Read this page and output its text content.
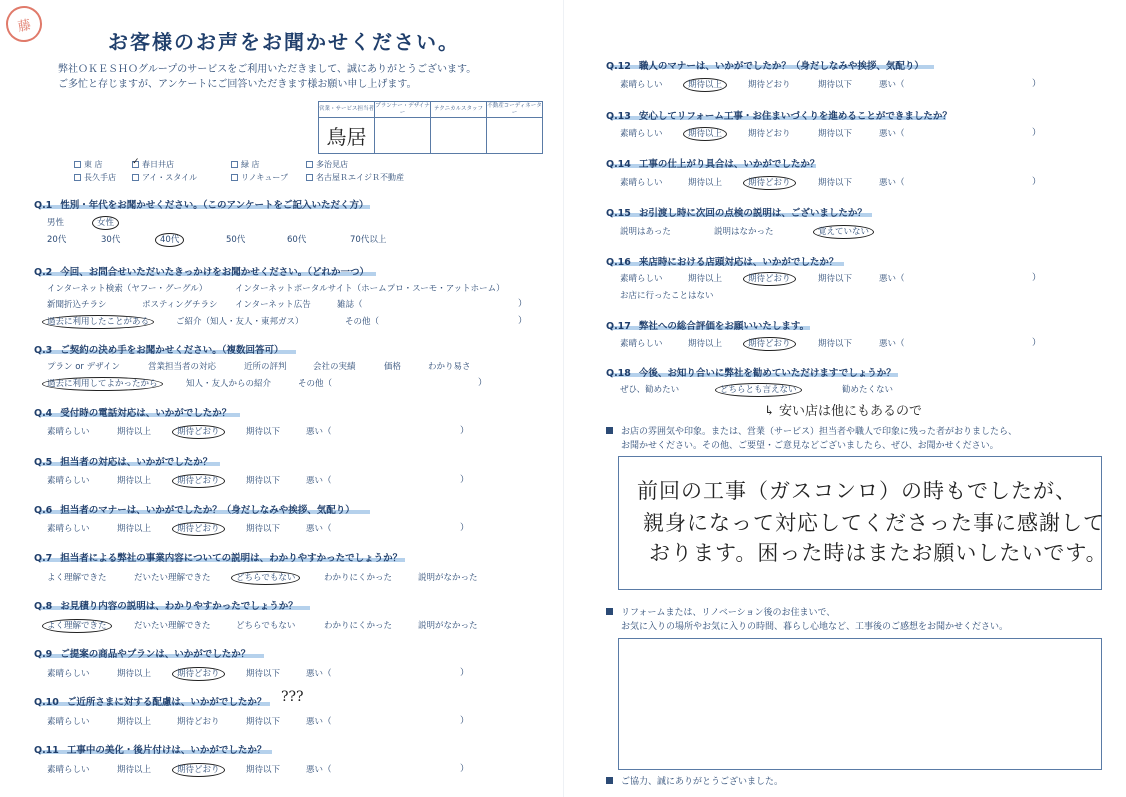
藤
お客様のお声をお聞かせください。
弊社ＯＫＥＳＨＯグループのサービスをご利用いただきまして、誠にありがとうございます。
ご多忙と存じますが、アンケートにご回答いただきます様お願い申し上げます。
営業・サービス担当者	プランナー・デザイナー	テクニカルスタッフ	不動産コーディネーター
鳥居			
東 店 ✓	春日井店	緑 店	多治見店
長久手店	アイ・スタイル	リノキューブ	名古屋ＲエイジＲ不動産
Q.1 性別・年代をお聞かせください。（このアンケートをご記入いただく方）
男性	女性
20代	30代	40代	50代	60代	70代以上
Q.2 今回、お問合せいただいたきっかけをお聞かせください。（どれか一つ）
インターネット検索（ヤフー・グーグル）	インターネットポータルサイト（ホームプロ・スーモ・アットホーム）
新聞折込チラシ	ポスティングチラシ インターネット広告	雑誌（	）
過去に利用したことがある	ご紹介（知人・友人・東邦ガス）	その他（	）
Q.3 ご契約の決め手をお聞かせください。（複数回答可）
プラン or デザイン	営業担当者の対応	近所の評判	会社の実績	価格	わかり易さ
過去に利用してよかったから	知人・友人からの紹介	その他（	）
Q.4 受付時の電話対応は、いかがでしたか？
素晴らしい	期待以上	期待どおり	期待以下	悪い（	）
Q.5 担当者の対応は、いかがでしたか？
素晴らしい	期待以上	期待どおり	期待以下	悪い（	）
Q.6 担当者のマナーは、いかがでしたか？（身だしなみや挨拶、気配り）
素晴らしい	期待以上	期待どおり	期待以下	悪い（	）
Q.7 担当者による弊社の事業内容についての説明は、わかりやすかったでしょうか？
よく理解できた	だいたい理解できた	どちらでもない	わかりにくかった	説明がなかった
Q.8 お見積り内容の説明は、わかりやすかったでしょうか？
よく理解できた	だいたい理解できた	どちらでもない	わかりにくかった	説明がなかった
Q.9 ご提案の商品やプランは、いかがでしたか？
素晴らしい	期待以上	期待どおり	期待以下	悪い（	）
Q.10 ご近所さまに対する配慮は、いかがでしたか？ ???
素晴らしい	期待以上	期待どおり	期待以下	悪い（	）
Q.11 工事中の美化・後片付けは、いかがでしたか？
素晴らしい	期待以上	期待どおり	期待以下	悪い（	）
Q.12 職人のマナーは、いかがでしたか？（身だしなみや挨拶、気配り）
素晴らしい	期待以上	期待どおり	期待以下	悪い（	）
Q.13 安心してリフォーム工事・お住まいづくりを進めることができましたか？
素晴らしい	期待以上	期待どおり	期待以下	悪い（	）
Q.14 工事の仕上がり具合は、いかがでしたか？
素晴らしい	期待以上	期待どおり	期待以下	悪い（	）
Q.15 お引渡し時に次回の点検の説明は、ございましたか？
説明はあった	説明はなかった	覚えていない
Q.16 来店時における店頭対応は、いかがでしたか？
素晴らしい	期待以上	期待どおり	期待以下	悪い（	）
お店に行ったことはない
Q.17 弊社への総合評価をお願いいたします。
素晴らしい	期待以上	期待どおり	期待以下	悪い（	）
Q.18 今後、お知り合いに弊社を勧めていただけますでしょうか？
ぜひ、勧めたい	どちらとも言えない	勧めたくない
↳ 安い店は他にもあるので
お店の雰囲気や印象。または、営業（サービス）担当者や職人で印象に残った者がおりましたら、
お聞かせください。その他、ご要望・ご意見などございましたら、ぜひ、お聞かせください。
前回の工事（ガスコンロ）の時もでしたが、
親身になって対応してくださった事に感謝して
おります。困った時はまたお願いしたいです。
リフォームまたは、リノベーション後のお住まいで、
お気に入りの場所やお気に入りの時間、暮らし心地など、工事後のご感想をお聞かせください。
ご協力、誠にありがとうございました。
